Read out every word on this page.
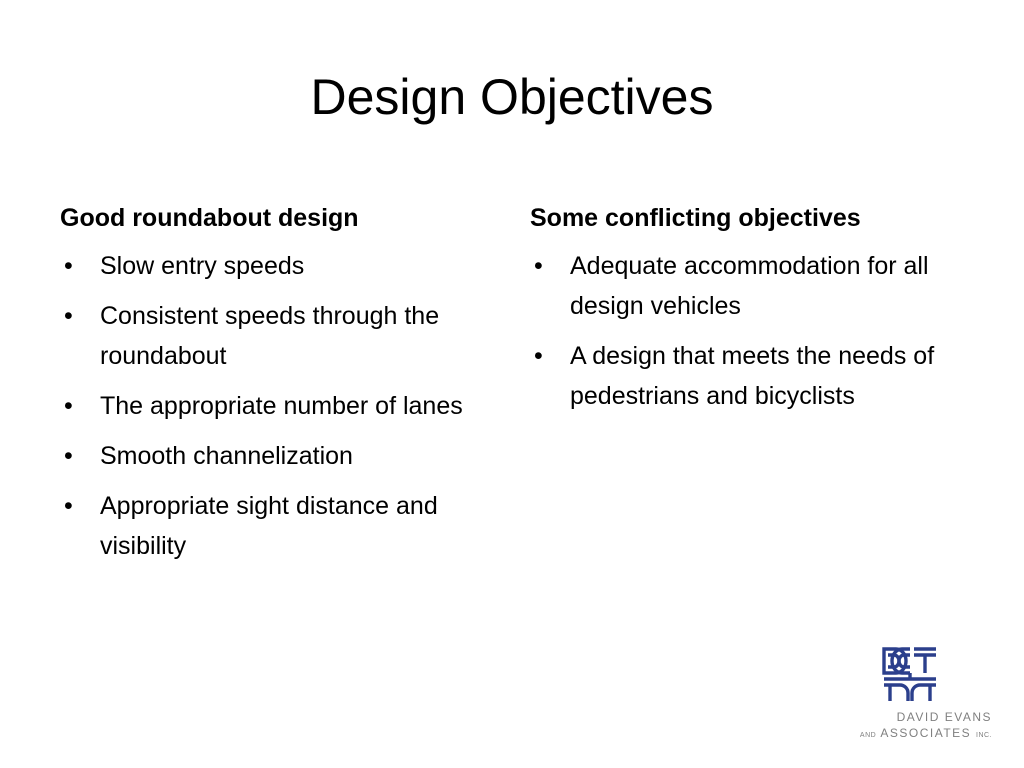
Design Objectives
Good roundabout design
•	Slow entry speeds
•	Consistent speeds through the roundabout
•	The appropriate number of lanes
•	Smooth channelization
•	Appropriate sight distance and visibility
Some conflicting objectives
•	Adequate accommodation for all design vehicles
•	A design that meets the needs of pedestrians and bicyclists
DAVID EVANS
AND ASSOCIATES INC.
